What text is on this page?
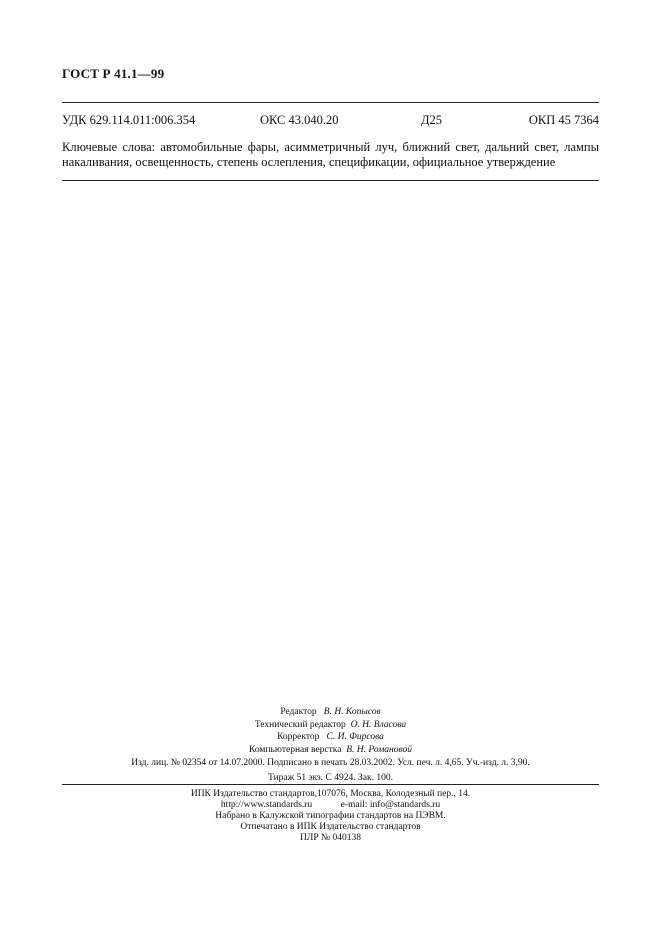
ГОСТ Р 41.1—99
УДК 629.114.011:006.354	ОКС 43.040.20	Д25	ОКП 45 7364
Ключевые слова: автомобильные фары, асимметричный луч, ближний свет, дальний свет, лампы накаливания, освещенность, степень ослепления, спецификации, официальное утверждение
Редактор В. Н. Копысов
Технический редактор О. Н. Власова
Корректор С. И. Фирсова
Компьютерная верстка В. Н. Романовой
Изд. лиц. № 02354 от 14.07.2000. Подписано в печать 28.03.2002. Усл. печ. л. 4,65. Уч.-изд. л. 3,90.
Тираж 51 экз. С 4924. Зак. 100.
ИПК Издательство стандартов,107076, Москва, Колодезный пер., 14.
http://www.standards.ru            e-mail: info@standards.ru
Набрано в Калужской типографии стандартов на ПЭВМ.
Отпечатано в ИПК Издательство стандартов
ПЛР № 040138
